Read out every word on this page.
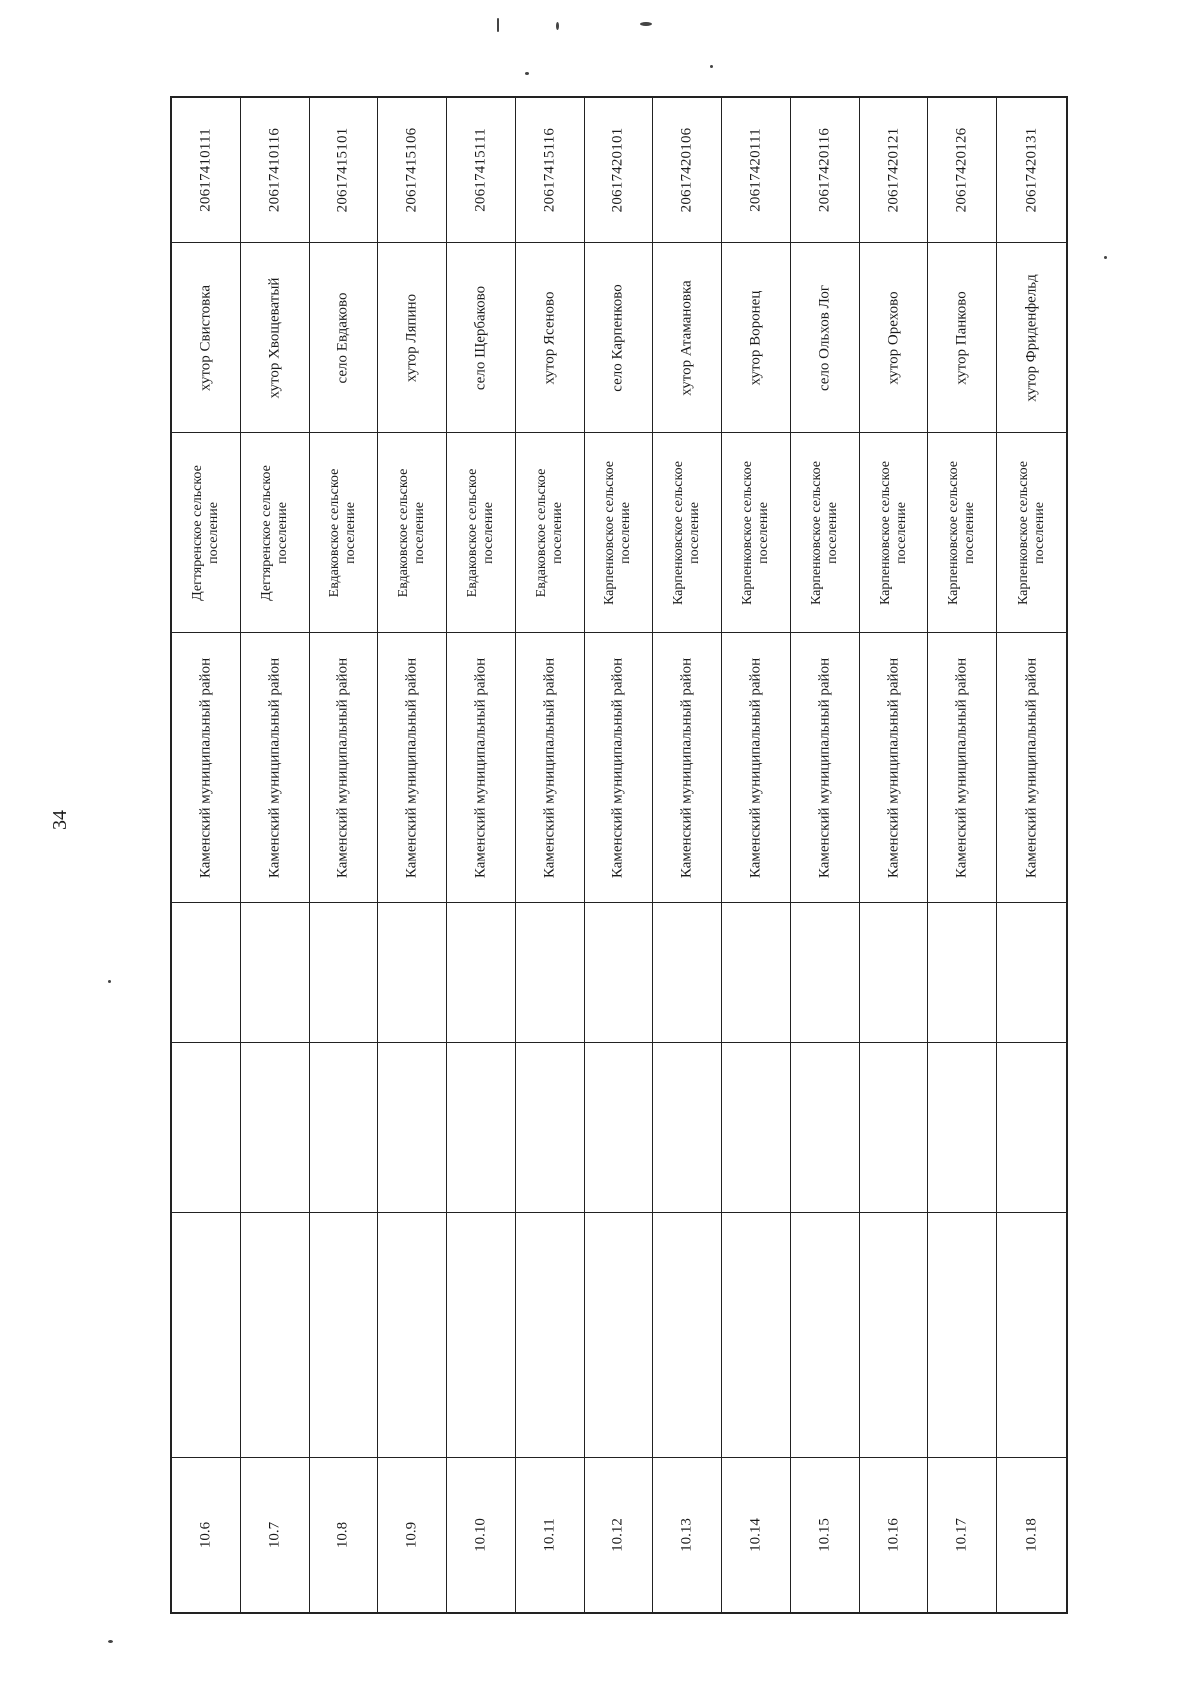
34
20617410111
хутор Свистовка
Дегтяренское сельское поселение
Каменский муниципальный район
10.6
20617410116
хутор Хвощеватый
Дегтяренское сельское поселение
Каменский муниципальный район
10.7
20617415101
село Евдаково
Евдаковское сельское поселение
Каменский муниципальный район
10.8
20617415106
хутор Ляпино
Евдаковское сельское поселение
Каменский муниципальный район
10.9
20617415111
село Щербаково
Евдаковское сельское поселение
Каменский муниципальный район
10.10
20617415116
хутор Ясеново
Евдаковское сельское поселение
Каменский муниципальный район
10.11
20617420101
село Карпенково
Карпенковское сельское поселение
Каменский муниципальный район
10.12
20617420106
хутор Атамановка
Карпенковское сельское поселение
Каменский муниципальный район
10.13
20617420111
хутор Воронец
Карпенковское сельское поселение
Каменский муниципальный район
10.14
20617420116
село Ольхов Лог
Карпенковское сельское поселение
Каменский муниципальный район
10.15
20617420121
хутор Орехово
Карпенковское сельское поселение
Каменский муниципальный район
10.16
20617420126
хутор Панково
Карпенковское сельское поселение
Каменский муниципальный район
10.17
20617420131
хутор Фриденфельд
Карпенковское сельское поселение
Каменский муниципальный район
10.18
